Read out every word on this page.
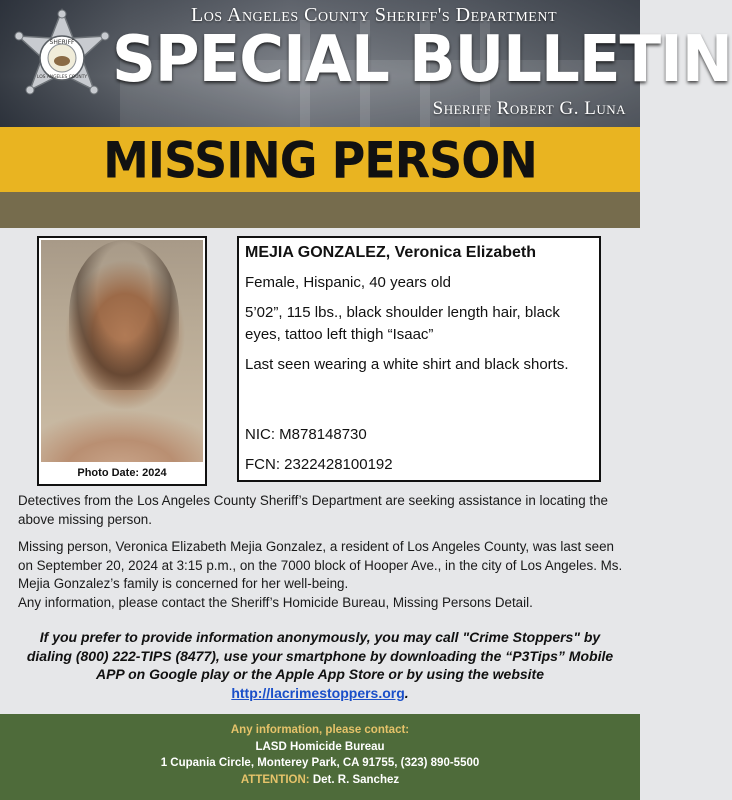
SHERIFF
LOS ANGELES COUNTY
Los Angeles County Sheriff's Department
SPECIAL BULLETIN
Sheriff Robert G. Luna
MISSING PERSON
Photo Date: 2024
MEJIA GONZALEZ, Veronica Elizabeth
Female, Hispanic, 40 years old
5’02”, 115 lbs., black shoulder length hair, black eyes, tattoo left thigh “Isaac”
Last seen wearing a white shirt and black shorts.
NIC: M878148730
FCN: 2322428100192
Detectives from the Los Angeles County Sheriff’s Department are seeking assistance in locating the above missing person.
Missing person, Veronica Elizabeth Mejia Gonzalez, a resident of Los Angeles County, was last seen on September 20, 2024 at 3:15 p.m., on the 7000 block of Hooper Ave., in the city of Los Angeles. Ms. Mejia Gonzalez’s family is concerned for her well-being.
Any information, please contact the Sheriff’s Homicide Bureau, Missing Persons Detail.
If you prefer to provide information anonymously, you may call "Crime Stoppers" by dialing (800) 222-TIPS (8477), use your smartphone by downloading the “P3Tips” Mobile APP on Google play or the Apple App Store or by using the website
http://lacrimestoppers.org.
Any information, please contact:
LASD Homicide Bureau
1 Cupania Circle, Monterey Park, CA 91755, (323) 890-5500
ATTENTION: Det. R. Sanchez
